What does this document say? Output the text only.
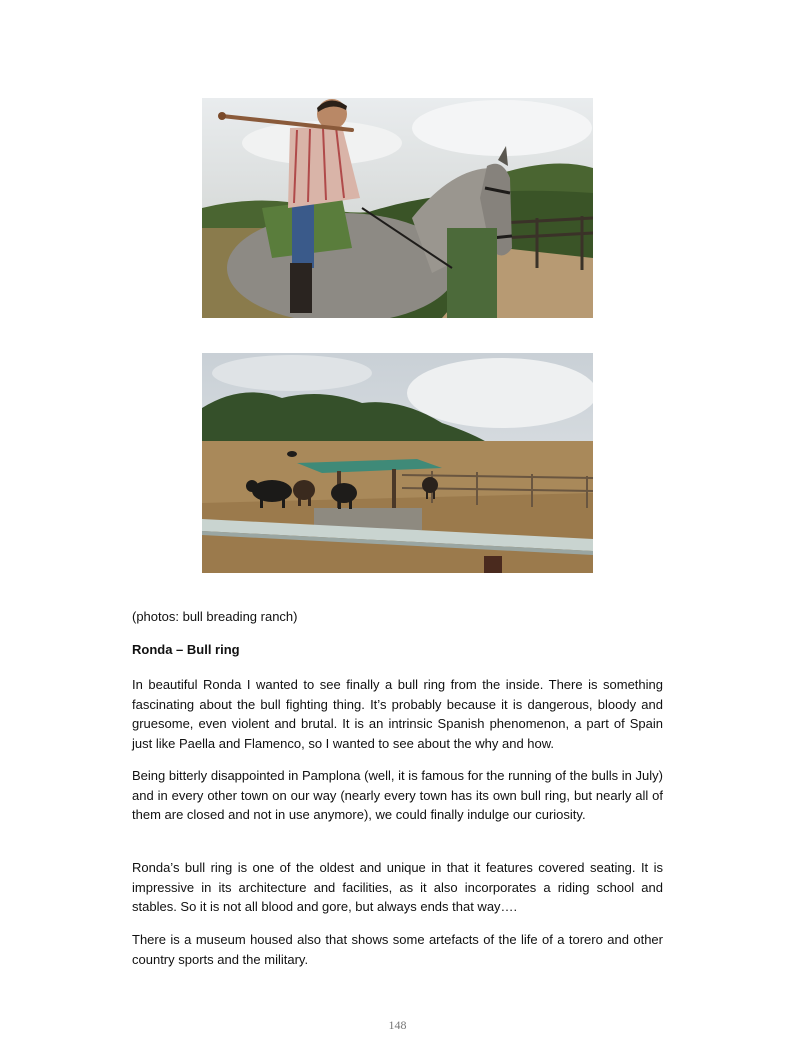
(photos: bull breading ranch)
Ronda – Bull ring

In beautiful Ronda I wanted to see finally a bull ring from the inside. There is something fascinating about the bull fighting thing. It’s probably because it is dangerous, bloody and gruesome, even violent and brutal. It is an intrinsic Spanish phenomenon, a part of Spain just like Paella and Flamenco, so I wanted to see about the why and how.

Being bitterly disappointed in Pamplona (well, it is famous for the running of the bulls in July) and in every other town on our way (nearly every town has its own bull ring, but nearly all of them are closed and not in use anymore), we could finally indulge our curiosity.

Ronda’s bull ring is one of the oldest and unique in that it features covered seating. It is impressive in its architecture and facilities, as it also incorporates a riding school and stables. So it is not all blood and gore, but always ends that way….

There is a museum housed also that shows some artefacts of the life of a torero and other country sports and the military.

148
